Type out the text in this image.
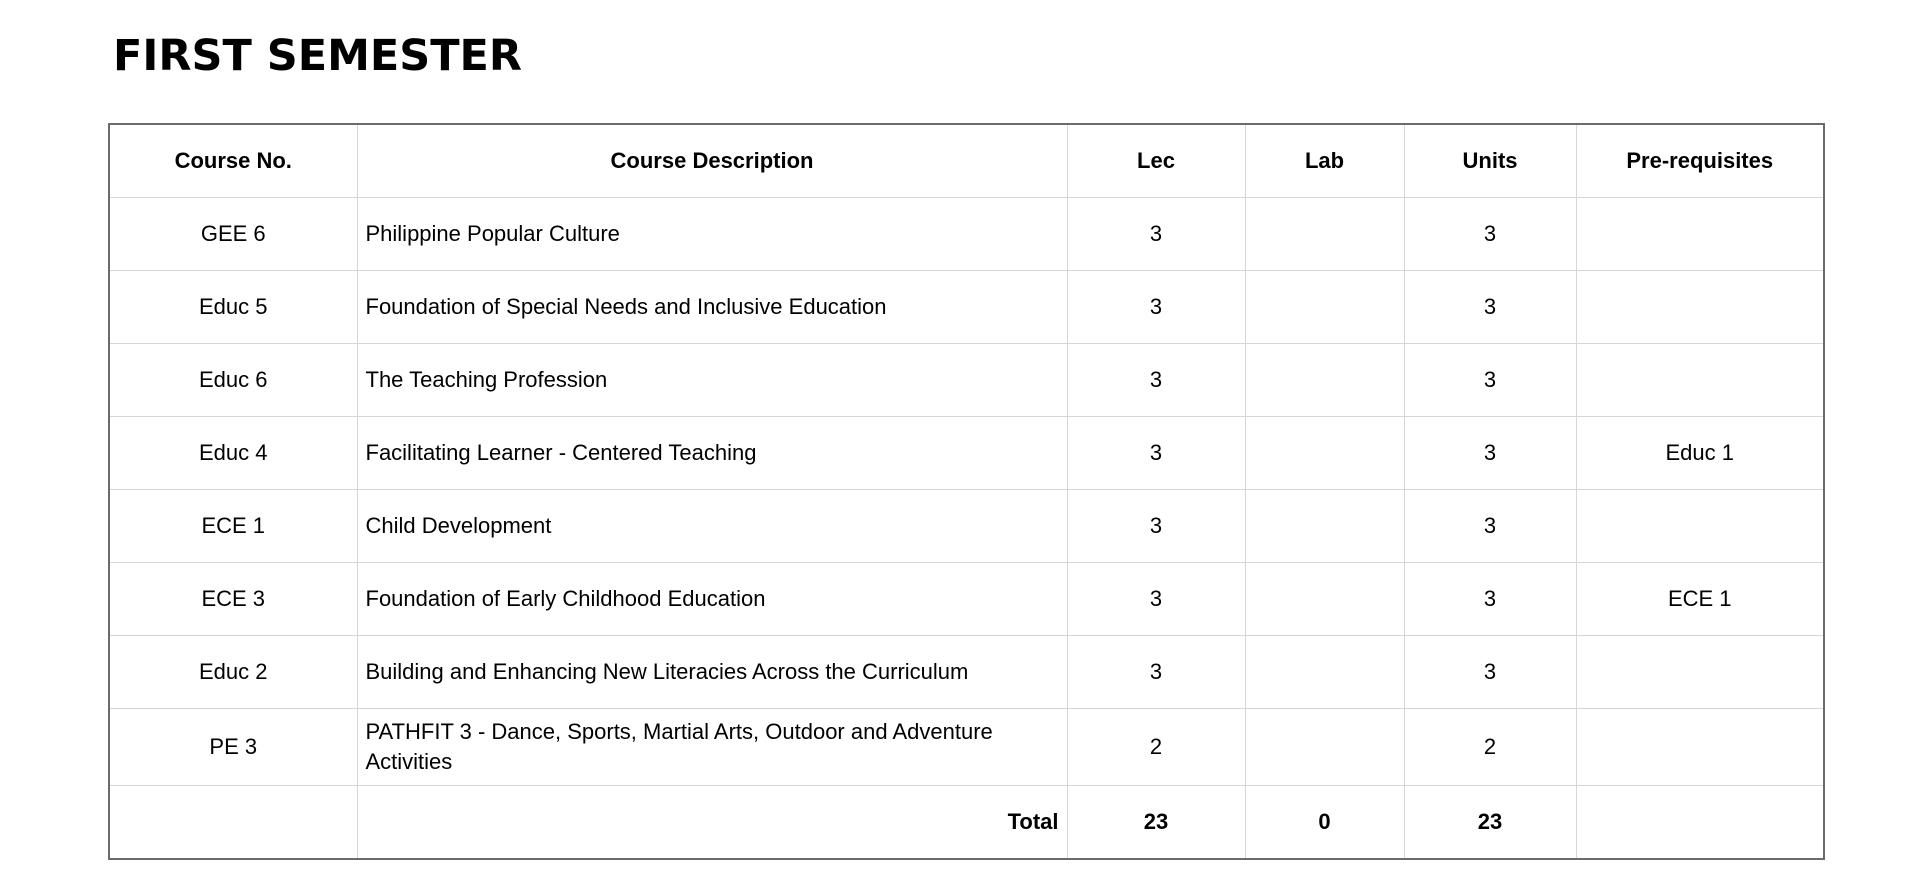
FIRST SEMESTER
Course No.	Course Description	Lec	Lab	Units	Pre-requisites
GEE 6	Philippine Popular Culture	3		3	
Educ 5	Foundation of Special Needs and Inclusive Education	3		3	
Educ 6	The Teaching Profession	3		3	
Educ 4	Facilitating Learner - Centered Teaching	3		3	Educ 1
ECE 1	Child Development	3		3	
ECE 3	Foundation of Early Childhood Education	3		3	ECE 1
Educ 2	Building and Enhancing New Literacies Across the Curriculum	3		3	
PE 3	PATHFIT 3 - Dance, Sports, Martial Arts, Outdoor and Adventure Activities	2		2	
	Total	23	0	23	
